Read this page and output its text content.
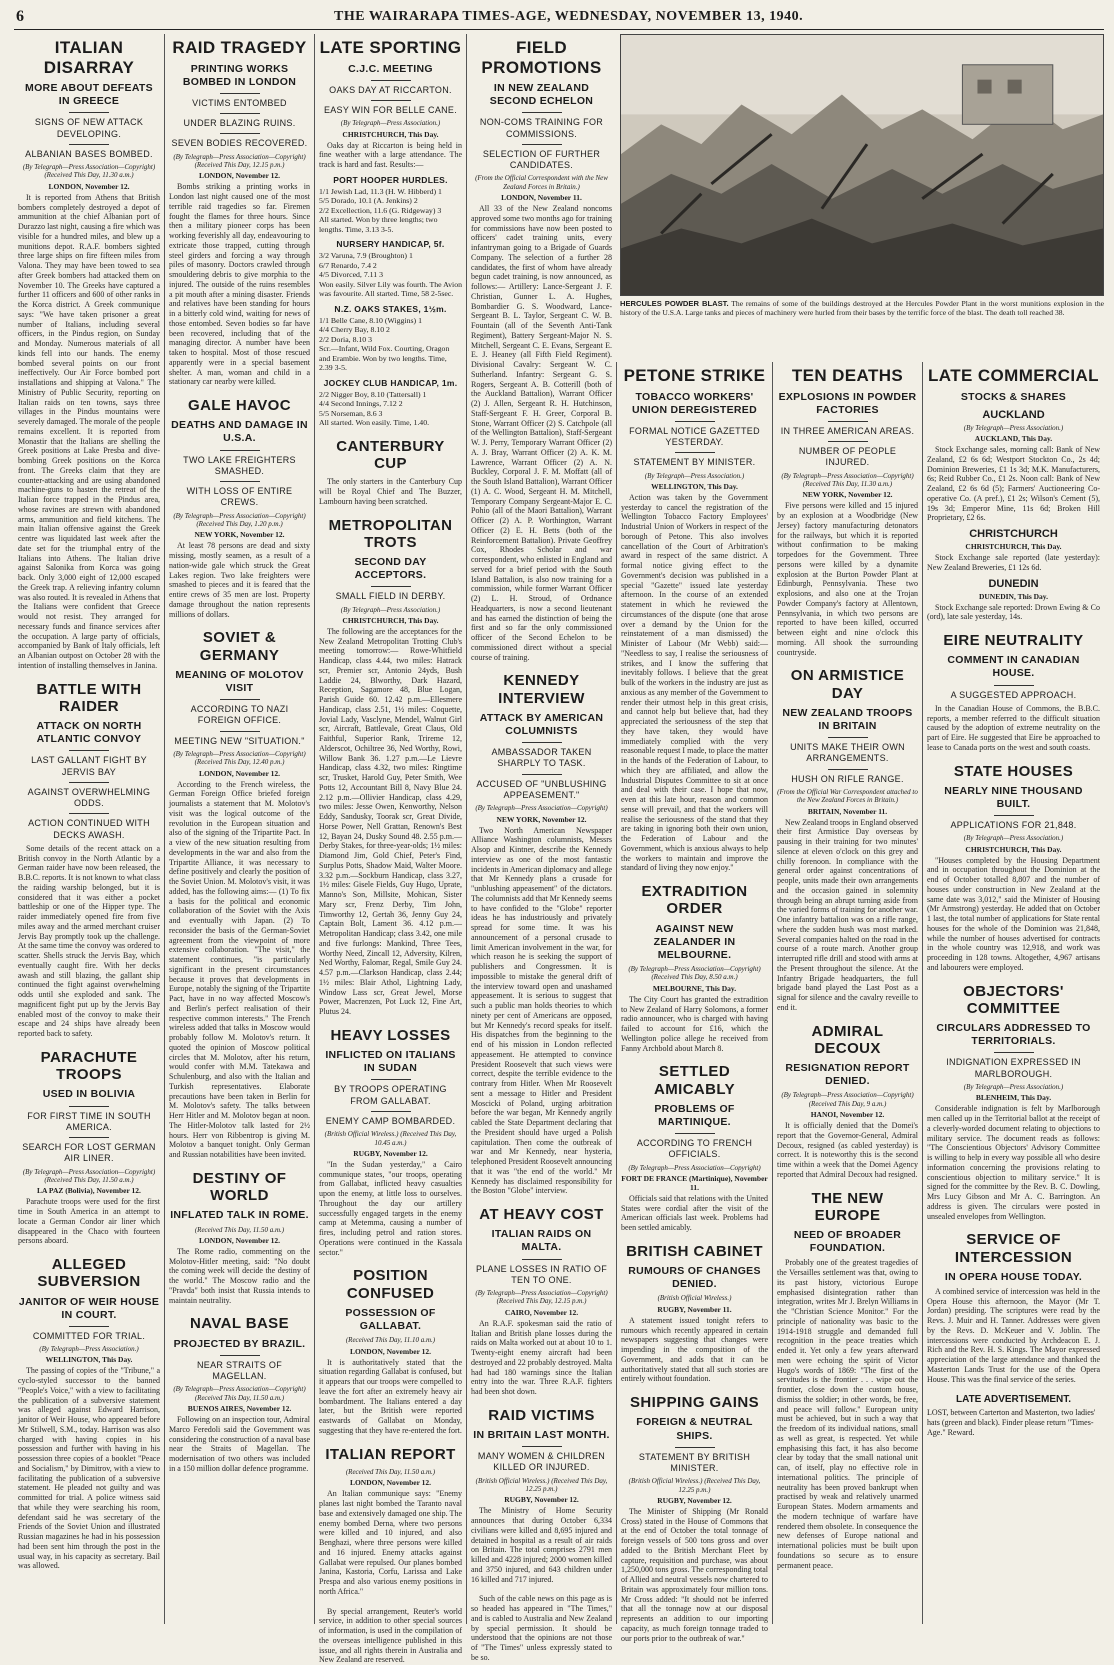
6	THE WAIRARAPA TIMES-AGE, WEDNESDAY, NOVEMBER 13, 1940.
ITALIAN DISARRAY
MORE ABOUT DEFEATS IN GREECE
SIGNS OF NEW ATTACK DEVELOPING.
ALBANIAN BASES BOMBED.
(By Telegraph—Press Association—Copyright) (Received This Day, 11.30 a.m.)
LONDON, November 12.

It is reported from Athens that British bombers completely destroyed a depot of ammunition at the chief Albanian port of Durazzo last night, causing a fire which was visible for a hundred miles, and blew up a munitions depot. R.A.F. bombers sighted three large ships on fire fifteen miles from Valona. They may have been towed to sea after Greek bombers had attacked them on November 10. The Greeks have captured a further 11 officers and 600 of other ranks in the Korca district. A Greek communique says: "We have taken prisoner a great number of Italians, including several officers, in the Pindus region, on Sunday and Monday. Numerous materials of all kinds fell into our hands. The enemy bombed several points on our front ineffectively. Our Air Force bombed port installations and shipping at Valona." The Ministry of Public Security, reporting on Italian raids on ten towns, says three villages in the Pindus mountains were severely damaged. The morale of the people remains excellent. It is reported from Monastir that the Italians are shelling the Greek positions at Lake Presba and dive-bombing Greek positions on the Korca front. The Greeks claim that they are counter-attacking and are using abandoned machine-guns to hasten the retreat of the Italian force trapped in the Pindus area, whose ravines are strewn with abandoned arms, ammunition and field kitchens. The main Italian offensive against the Greek centre was liquidated last week after the date set for the triumphal entry of the Italians into Athens. The Italian drive against Salonika from Korca was going back. Only 3,000 eight of 12,000 escaped the Greek trap. A relieving infantry column was also routed. It is revealed in Athens that the Italians were confident that Greece would not resist. They arranged for necessary funds and finance services after the occupation. A large party of officials, accompanied by Bank of Italy officials, left an Albanian outpost on October 28 with the intention of installing themselves in Janina.

BATTLE WITH RAIDER
ATTACK ON NORTH ATLANTIC CONVOY
LAST GALLANT FIGHT BY JERVIS BAY
AGAINST OVERWHELMING ODDS.
ACTION CONTINUED WITH DECKS AWASH.

Some details of the recent attack on a British convoy in the North Atlantic by a German raider have now been released, the B.B.C. reports. It is not known to what class the raiding warship belonged, but it is considered that it was either a pocket battleship or one of the Hipper type. The raider immediately opened fire from five miles away and the armed merchant cruiser Jervis Bay promptly took up the challenge. At the same time the convoy was ordered to scatter. Shells struck the Jervis Bay, which eventually caught fire. With her decks awash and still blazing, the gallant ship continued the fight against overwhelming odds until she exploded and sank. The magnificent fight put up by the Jervis Bay enabled most of the convoy to make their escape and 24 ships have already been reported back to safety.

PARACHUTE TROOPS
USED IN BOLIVIA
FOR FIRST TIME IN SOUTH AMERICA.
SEARCH FOR LOST GERMAN AIR LINER.
(By Telegraph—Press Association—Copyright) (Received This Day, 11.50 a.m.)
LA PAZ (Bolivia), November 12.

Parachute troops were used for the first time in South America in an attempt to locate a German Condor air liner which disappeared in the Chaco with fourteen persons aboard.

ALLEGED SUBVERSION
JANITOR OF WEIR HOUSE IN COURT.
COMMITTED FOR TRIAL.
(By Telegraph—Press Association.)
WELLINGTON, This Day.

The passing of copies of the "Tribune," a cyclo-styled successor to the banned "People's Voice," with a view to facilitating the publication of a subversive statement was alleged against Edward Harrison, janitor of Weir House, who appeared before Mr Stilwell, S.M., today. Harrison was also charged with having copies in his possession and further with having in his possession three copies of a booklet "Peace and Socialism," by Dimitrov, with a view to facilitating the publication of a subversive statement. He pleaded not guilty and was committed for trial. A police witness said that while they were searching his room, defendant said he was secretary of the Friends of the Soviet Union and illustrated Russian magazines he had in his possession had been sent him through the post in the usual way, in his capacity as secretary. Bail was allowed.

RAID TRAGEDY
PRINTING WORKS BOMBED IN LONDON
VICTIMS ENTOMBED
UNDER BLAZING RUINS.
SEVEN BODIES RECOVERED.
(By Telegraph—Press Association—Copyright) (Received This Day, 12.15 p.m.)
LONDON, November 12.

Bombs striking a printing works in London last night caused one of the most terrible raid tragedies so far. Firemen fought the flames for three hours. Since then a military pioneer corps has been working feverishly all day, endeavouring to extricate those trapped, cutting through steel girders and forcing a way through piles of masonry. Doctors crawled through smouldering debris to give morphia to the injured. The outside of the ruins resembles a pit mouth after a mining disaster. Friends and relatives have been standing for hours in a bitterly cold wind, waiting for news of those entombed. Seven bodies so far have been recovered, including that of the managing director. A number have been taken to hospital. Most of those rescued apparently were in a special basement shelter. A man, woman and child in a stationary car nearby were killed.

GALE HAVOC
DEATHS AND DAMAGE IN U.S.A.
TWO LAKE FREIGHTERS SMASHED.
WITH LOSS OF ENTIRE CREWS.
(By Telegraph—Press Association—Copyright) (Received This Day, 1.20 p.m.)
NEW YORK, November 12.

At least 78 persons are dead and sixty missing, mostly seamen, as a result of a nation-wide gale which struck the Great Lakes region. Two lake freighters were smashed to pieces and it is feared that the entire crews of 35 men are lost. Property damage throughout the nation represents millions of dollars.

SOVIET & GERMANY
MEANING OF MOLOTOV VISIT
ACCORDING TO NAZI FOREIGN OFFICE.
MEETING NEW "SITUATION."
(By Telegraph—Press Association—Copyright) (Received This Day, 12.40 p.m.)
LONDON, November 12.

According to the French wireless, the German Foreign Office briefed foreign journalists a statement that M. Molotov's visit was the logical outcome of the revolution in the European situation and also of the signing of the Tripartite Pact. In a view of the new situation resulting from developments in the war and also from the Tripartite Alliance, it was necessary to define positively and clearly the position of the Soviet Union. M. Molotov's visit, it was added, has the following aims:— (1) To fix a basis for the political and economic collaboration of the Soviet with the Axis and eventually with Japan. (2) To reconsider the basis of the German-Soviet agreement from the viewpoint of more extensive collaboration. "The visit," the statement continues, "is particularly significant in the present circumstances because it proves that developments in Europe, notably the signing of the Tripartite Pact, have in no way affected Moscow's and Berlin's perfect realisation of their respective common interests." The French wireless added that talks in Moscow would probably follow M. Molotov's return. It quoted the opinion of Moscow political circles that M. Molotov, after his return, would confer with M.M. Tatekawa and Schulenburg, and also with the Italian and Turkish representatives. Elaborate precautions have been taken in Berlin for M. Molotov's safety. The talks between Herr Hitler and M. Molotov began at noon. The Hitler-Molotov talk lasted for 2½ hours. Herr von Ribbentrop is giving M. Molotov a banquet tonight. Only German and Russian notabilities have been invited.

DESTINY OF WORLD
INFLATED TALK IN ROME.
(Received This Day, 11.50 a.m.)
LONDON, November 12.

The Rome radio, commenting on the Molotov-Hitler meeting, said: "No doubt the coming week will decide the destiny of the world." The Moscow radio and the "Pravda" both insist that Russia intends to maintain neutrality.

NAVAL BASE
PROJECTED BY BRAZIL.
NEAR STRAITS OF MAGELLAN.
(By Telegraph—Press Association—Copyright) (Received This Day, 11.50 a.m.)
BUENOS AIRES, November 12.

Following on an inspection tour, Admiral Marco Feredoli said the Government was considering the construction of a naval base near the Straits of Magellan. The modernisation of two others was included in a 150 million dollar defence programme.

LATE SPORTING
C.J.C. MEETING
OAKS DAY AT RICCARTON.
EASY WIN FOR BELLE CANE.
(By Telegraph—Press Association.)
CHRISTCHURCH, This Day.

Oaks day at Riccarton is being held in fine weather with a large attendance. The track is hard and fast. Results:—

PORT HOOPER HURDLES.
1/1 Jewish Lad, 11.3 (H. W. Hibberd) 1
5/5 Dorado, 10.1 (A. Jenkins) 2
2/2 Excellection, 11.6 (G. Ridgeway) 3
All started. Won by three lengths; two lengths. Time, 3.13 3-5.
NURSERY HANDICAP, 5f.
3/2 Varuna, 7.9 (Broughton) 1
6/7 Renardo, 7.4 2
4/5 Divorced, 7.11 3
Won easily. Silver Lily was fourth. The Avion was favourite. All started. Time, 58 2-5sec.
N.Z. OAKS STAKES, 1½m.
1/1 Belle Cane, 8.10 (Wiggins) 1
4/4 Cherry Bay, 8.10 2
2/2 Doria, 8.10 3
Scr.—Infant, Wild Fox. Courting, Oragon and Erambie. Won by two lengths. Time, 2.39 3-5.
JOCKEY CLUB HANDICAP, 1m.
2/2 Nigger Boy, 8.10 (Tattersall) 1
4/4 Second Innings, 7.12 2
5/5 Norseman, 8.6 3
All started. Won easily. Time, 1.40.
CANTERBURY CUP

The only starters in the Canterbury Cup will be Royal Chief and The Buzzer, Lambourn having been scratched.

METROPOLITAN TROTS
SECOND DAY ACCEPTORS.
SMALL FIELD IN DERBY.
(By Telegraph—Press Association.)
CHRISTCHURCH, This Day.

The following are the acceptances for the New Zealand Metropolitan Trotting Club's meeting tomorrow:— Rowe-Whitfield Handicap, class 4.44, two miles: Hatrack scr, Premier scr, Antonio 24yds, Bush Laddie 24, Blworthy, Dark Hazard, Reception, Sagamore 48, Blue Logan, Parish Guide 60. 12.42 p.m.—Ellesmere Handicap, class 2.51, 1½ miles: Coquette, Jovial Lady, Vasclyne, Mendel, Walnut Girl scr, Aircraft, Battlevale, Great Claus, Old Faithful, Superior Rank, Trireme 12, Alderscot, Ochiltree 36, Ned Worthy, Rowi, Willow Bank 36. 1.27 p.m.—Le Lievre Handicap, class 4.32, two miles: Ringtime scr, Trusket, Harold Guy, Peter Smith, Wee Potts 12, Accountant Bill 8, Navy Blue 24. 2.12 p.m.—Ollivier Handicap, class 4.29, two miles: Jesse Owen, Kenworthy, Nelson Eddy, Sandusky, Toorak scr, Great Divide, Horse Power, Nell Grattan, Renown's Best 12, Bayan 24, Dusky Sound 48. 2.55 p.m.—Derby Stakes, for three-year-olds; 1½ miles: Diamond Jim, Gold Chief, Peter's Find, Surplus Potts, Shadow Maid, Walter Moore. 3.32 p.m.—Sockburn Handicap, class 3.27, 1½ miles: Gisele Fields, Guy Hugo, Uprate, Manno's Son, Millsite, Mohican, Sister Mary scr, Frenz Derby, Tim John, Timworthy 12, Gertah 36, Jenny Guy 24, Captain Bolt, Lament 36. 4.12 p.m.—Metropolitan Handicap; class 3.42, one mile and five furlongs: Mankind, Three Tees, Worthy Need, Zincall 12, Adversity, Kilren, Ned Worthy, Falomar, Regal, Smile Guy 24. 4.57 p.m.—Clarkson Handicap, class 2.44; 1½ miles: Blair Athol, Lightning Lady, Window Lass scr, Great Jewel, Morse Power, Macrenzen, Pot Luck 12, Fine Art, Plutus 24.

HEAVY LOSSES
INFLICTED ON ITALIANS IN SUDAN
BY TROOPS OPERATING FROM GALLABAT.
ENEMY CAMP BOMBARDED.
(British Official Wireless.) (Received This Day, 10.45 a.m.)
RUGBY, November 12.

"In the Sudan yesterday," a Cairo communique states, "our troops, operating from Gallabat, inflicted heavy casualties upon the enemy, at little loss to ourselves. Throughout the day our artillery successfully engaged targets in the enemy camp at Metemma, causing a number of fires, including petrol and ration stores. Operations were continued in the Kassala sector."

POSITION CONFUSED
POSSESSION OF GALLABAT.
(Received This Day, 11.10 a.m.)
LONDON, November 12.

It is authoritatively stated that the situation regarding Gallabat is confused, but it appears that our troops were compelled to leave the fort after an extremely heavy air bombardment. The Italians entered a day later, but the British were reported eastwards of Gallabat on Monday, suggesting that they have re-entered the fort.

ITALIAN REPORT
(Received This Day, 11.50 a.m.)
LONDON, November 12.

An Italian communique says: "Enemy planes last night bombed the Taranto naval base and extensively damaged one ship. The enemy bombed Derna, where two persons were killed and 10 injured, and also Benghazi, where three persons were killed and 16 injured. Enemy attacks against Gallabat were repulsed. Our planes bombed Janina, Kastoria, Corfu, Larissa and Lake Prespa and also various enemy positions in north Africa."

By special arrangement, Reuter's world service, in addition to other special sources of information, is used in the compilation of the overseas intelligence published in this issue, and all rights therein in Australia and New Zealand are reserved.

FIELD PROMOTIONS
IN NEW ZEALAND SECOND ECHELON
NON-COMS TRAINING FOR COMMISSIONS.
SELECTION OF FURTHER CANDIDATES.
(From the Official Correspondent with the New Zealand Forces in Britain.)
LONDON, November 11.

All 33 of the New Zealand noncoms approved some two months ago for training for commissions have now been posted to officers' cadet training units, every infantryman going to a Brigade of Guards Company. The selection of a further 28 candidates, the first of whom have already begun cadet training, is now announced, as follows:— Artillery: Lance-Sergeant J. F. Christian, Gunner L. A. Hughes, Bombardier G. S. Woodward, Lance-Sergeant B. L. Taylor, Sergeant C. W. B. Fountain (all of the Seventh Anti-Tank Regiment), Battery Sergeant-Major N. S. Mitchell, Sergeant C. E. Evans, Sergeant E. E. J. Heaney (all Fifth Field Regiment). Divisional Cavalry: Sergeant W. C. Sutherland. Infantry: Sergeant G. S. Rogers, Sergeant A. B. Cotterill (both of the Auckland Battalion), Warrant Officer (2) J. Allen, Sergeant R. H. Hutchinson, Staff-Sergeant F. H. Greer, Corporal B. Stone, Warrant Officer (2) S. Catchpole (all of the Wellington Battalion), Staff-Sergeant W. J. Perry, Temporary Warrant Officer (2) A. J. Bray, Warrant Officer (2) A. K. M. Lawrence, Warrant Officer (2) A. N. Buckley, Corporal J. F. M. Moffatt (all of the South Island Battalion), Warrant Officer (1) A. C. Wood, Sergeant H. M. Mitchell, Temporary Company Sergeant-Major E. C. Pohio (all of the Maori Battalion), Warrant Officer (2) A. P. Worthington, Warrant Officer (2) E. H. Betts (both of the Reinforcement Battalion). Private Geoffrey Cox, Rhodes Scholar and war correspondent, who enlisted in England and served for a brief period with the South Island Battalion, is also now training for a commission, while former Warrant Officer (2) L. H. Stroud, of Ordnance Headquarters, is now a second lieutenant and has earned the distinction of being the first and so far the only commissioned officer of the Second Echelon to be commissioned direct without a special course of training.

KENNEDY INTERVIEW
ATTACK BY AMERICAN COLUMNISTS
AMBASSADOR TAKEN SHARPLY TO TASK.
ACCUSED OF "UNBLUSHING APPEASEMENT."
(By Telegraph—Press Association—Copyright)
NEW YORK, November 12.

Two North American Newspaper Alliance Washington columnists, Messrs Alsop and Kintner, describe the Kennedy interview as one of the most fantastic incidents in American diplomacy and allege that Mr Kennedy plans a crusade for "unblushing appeasement" of the dictators. The columnists add that Mr Kennedy seems to have confided to the "Globe" reporter ideas he has industriously and privately spread for some time. It was his announcement of a personal crusade to limit American involvement in the war, for which reason he is seeking the support of publishers and Congressmen. It is impossible to mistake the general drift of the interview toward open and unashamed appeasement. It is serious to suggest that such a public man holds theories to which ninety per cent of Americans are opposed, but Mr Kennedy's record speaks for itself. His dispatches from the beginning to the end of his mission in London reflected appeasement. He attempted to convince President Roosevelt that such views were correct, despite the terrible evidence to the contrary from Hitler. When Mr Roosevelt sent a message to Hitler and President Moscicki of Poland, urging arbitration before the war began, Mr Kennedy angrily cabled the State Department declaring that the President should have urged a Polish capitulation. Then come the outbreak of war and Mr Kennedy, near hysteria, telephoned President Roosevelt announcing that it was "the end of the world." Mr Kennedy has disclaimed responsibility for the Boston "Globe" interview.

AT HEAVY COST
ITALIAN RAIDS ON MALTA.
PLANE LOSSES IN RATIO OF TEN TO ONE.
(By Telegraph—Press Association—Copyright) (Received This Day, 12.15 p.m.)
CAIRO, November 12.

An R.A.F. spokesman said the ratio of Italian and British plane losses during the raids on Malta worked out at about 10 to 1. Twenty-eight enemy aircraft had been destroyed and 22 probably destroyed. Malta had had 180 warnings since the Italian entry into the war. Three R.A.F. fighters had been shot down.

RAID VICTIMS
IN BRITAIN LAST MONTH.
MANY WOMEN & CHILDREN KILLED OR INJURED.
(British Official Wireless.) (Received This Day, 12.25 p.m.)
RUGBY, November 12.

The Ministry of Home Security announces that during October 6,334 civilians were killed and 8,695 injured and detained in hospital as a result of air raids on Britain. The total comprises 2791 men killed and 4228 injured; 2000 women killed and 3750 injured, and 643 children under 16 killed and 717 injured.

Such of the cable news on this page as is so headed has appeared in "The Times," and is cabled to Australia and New Zealand by special permission. It should be understood that the opinions are not those of "The Times" unless expressly stated to be so.

PETONE STRIKE
TOBACCO WORKERS' UNION DEREGISTERED
FORMAL NOTICE GAZETTED YESTERDAY.
STATEMENT BY MINISTER.
(By Telegraph—Press Association.)
WELLINGTON, This Day.

Action was taken by the Government yesterday to cancel the registration of the Wellington Tobacco Factory Employees' Industrial Union of Workers in respect of the borough of Petone. This also involves cancellation of the Court of Arbitration's award in respect of the same district. A formal notice giving effect to the Government's decision was published in a special "Gazette" issued late yesterday afternoon. In the course of an extended statement in which he reviewed the circumstances of the dispute (one that arose over a demand by the Union for the reinstatement of a man dismissed) the Minister of Labour (Mr Webb) said:— "Needless to say, I realise the seriousness of strikes, and I know the suffering that inevitably follows. I believe that the great bulk of the workers in the industry are just as anxious as any member of the Government to render their utmost help in this great crisis, and cannot help but believe that, had they appreciated the seriousness of the step that they have taken, they would have immediately complied with the very reasonable request I made, to place the matter in the hands of the Federation of Labour, to which they are affiliated, and allow the Industrial Disputes Committee to sit at once and deal with their case. I hope that now, even at this late hour, reason and common sense will prevail, and that the workers will realise the seriousness of the stand that they are taking in ignoring both their own union, the Federation of Labour and the Government, which is anxious always to help the workers to maintain and improve the standard of living they now enjoy."

EXTRADITION ORDER
AGAINST NEW ZEALANDER IN MELBOURNE.
(By Telegraph—Press Association—Copyright) (Received This Day, 8.50 a.m.)
MELBOURNE, This Day.

The City Court has granted the extradition to New Zealand of Harry Solomons, a former radio announcer, who is charged with having failed to account for £16, which the Wellington police allege he received from Fanny Archbold about March 8.

SETTLED AMICABLY
PROBLEMS OF MARTINIQUE.
ACCORDING TO FRENCH OFFICIALS.
(By Telegraph—Press Association—Copyright)
FORT DE FRANCE (Martinique), November 11.

Officials said that relations with the United States were cordial after the visit of the American officials last week. Problems had been settled amicably.

BRITISH CABINET
RUMOURS OF CHANGES DENIED.
(British Official Wireless.)
RUGBY, November 11.

A statement issued tonight refers to rumours which recently appeared in certain newspapers suggesting that changes were impending in the composition of the Government, and adds that it can be authoritatively stated that all such stories are entirely without foundation.

SHIPPING GAINS
FOREIGN & NEUTRAL SHIPS.
STATEMENT BY BRITISH MINISTER.
(British Official Wireless.) (Received This Day, 12.25 p.m.)
RUGBY, November 12.

The Minister of Shipping (Mr Ronald Cross) stated in the House of Commons that at the end of October the total tonnage of foreign vessels of 500 tons gross and over added to the British Merchant Fleet by capture, requisition and purchase, was about 1,250,000 tons gross. The corresponding total of Allied and neutral vessels now chartered to Britain was approximately four million tons. Mr Cross added: "It should not be inferred that all the tonnage now at our disposal represents an addition to our importing capacity, as much foreign tonnage traded to our ports prior to the outbreak of war."

TEN DEATHS
EXPLOSIONS IN POWDER FACTORIES
IN THREE AMERICAN AREAS.
NUMBER OF PEOPLE INJURED.
(By Telegraph—Press Association—Copyright) (Received This Day, 11.30 a.m.)
NEW YORK, November 12.

Five persons were killed and 15 injured by an explosion at a Woodbridge (New Jersey) factory manufacturing detonators for the railways, but which it is reported without confirmation to be making torpedoes for the Government. Three persons were killed by a dynamite explosion at the Burton Powder Plant at Edinburgh, Pennsylvania. These two explosions, and also one at the Trojan Powder Company's factory at Allentown, Pennsylvania, in which two persons are reported to have been killed, occurred between eight and nine o'clock this morning. All shook the surrounding countryside.

ON ARMISTICE DAY
NEW ZEALAND TROOPS IN BRITAIN
UNITS MAKE THEIR OWN ARRANGEMENTS.
HUSH ON RIFLE RANGE.
(From the Official War Correspondent attached to the New Zealand Forces in Britain.)
BRITAIN, November 11.

New Zealand troops in England observed their first Armistice Day overseas by pausing in their training for two minutes' silence at eleven o'clock on this grey and chilly forenoon. In compliance with the general order against concentrations of people, units made their own arrangements and the occasion gained in solemnity through being an abrupt turning aside from the varied forms of training for another war. One infantry battalion was on a rifle range, where the sudden hush was most marked. Several companies halted on the road in the course of a route march. Another group interrupted rifle drill and stood with arms at the Present throughout the silence. At the Infantry Brigade headquarters, the full brigade band played the Last Post as a signal for silence and the cavalry reveille to end it.

ADMIRAL DECOUX
RESIGNATION REPORT DENIED.
(By Telegraph—Press Association—Copyright) (Received This Day, 9 a.m.)
HANOI, November 12.

It is officially denied that the Domei's report that the Governor-General, Admiral Decoux, resigned (as cabled yesterday) is correct. It is noteworthy this is the second time within a week that the Domei Agency reported that Admiral Decoux had resigned.

THE NEW EUROPE
NEED OF BROADER FOUNDATION.

Probably one of the greatest tragedies of the Versailles settlement was that, owing to its past history, victorious Europe emphasised disintegration rather than integration, writes Mr J. Brelyn Williams in the "Christian Science Monitor." For the principle of nationality was basic to the 1914-1918 struggle and demanded full recognition in the peace treaties which ended it. Yet only a few years afterward men were echoing the spirit of Victor Hugo's words of 1869: "The first of the servitudes is the frontier . . . wipe out the frontier, close down the custom house, dismiss the soldier; in other words, be free, and peace will follow." European unity must be achieved, but in such a way that the freedom of its individual nations, small as well as great, is respected. Yet while emphasising this fact, it has also become clear by today that the small national unit can, of itself, play no effective role in international politics. The principle of neutrality has been proved bankrupt when practised by weak and relatively unarmed European States. Modern armaments and the modern technique of warfare have rendered them obsolete. In consequence the new defenses of Europe national and international policies must be built upon foundations so secure as to ensure permanent peace.

LATE COMMERCIAL
STOCKS & SHARES
AUCKLAND
(By Telegraph—Press Association.)
AUCKLAND, This Day.

Stock Exchange sales, morning call: Bank of New Zealand, £2 6s 6d; Westport Stockton Co., 2s 4d; Dominion Breweries, £1 1s 3d; M.K. Manufacturers, 6s; Reid Rubber Co., £1 2s. Noon call: Bank of New Zealand, £2 6s 6d (5); Farmers' Auctioneering Co-operative Co. (A pref.), £1 2s; Wilson's Cement (5), 19s 3d; Emperor Mine, 11s 6d; Broken Hill Proprietary, £2 6s.

CHRISTCHURCH
CHRISTCHURCH, This Day.

Stock Exchange sale reported (late yesterday): New Zealand Breweries, £1 12s 6d.

DUNEDIN
DUNEDIN, This Day.

Stock Exchange sale reported: Drown Ewing & Co (ord), late sale yesterday, 14s.

EIRE NEUTRALITY
COMMENT IN CANADIAN HOUSE.
A SUGGESTED APPROACH.

In the Canadian House of Commons, the B.B.C. reports, a member referred to the difficult situation caused by the adoption of extreme neutrality on the part of Eire. He suggested that Eire be approached to lease to Canada ports on the west and south coasts.

STATE HOUSES
NEARLY NINE THOUSAND BUILT.
APPLICATIONS FOR 21,848.
(By Telegraph—Press Association.)
CHRISTCHURCH, This Day.

"Houses completed by the Housing Department and in occupation throughout the Dominion at the end of October totalled 8,807 and the number of houses under construction in New Zealand at the same date was 3,012," said the Minister of Housing (Mr Armstrong) yesterday. He added that on October 1 last, the total number of applications for State rental houses for the whole of the Dominion was 21,848, while the number of houses advertised for contracts in the whole country was 12,918, and work was proceeding in 128 towns. Altogether, 4,967 artisans and labourers were employed.

OBJECTORS' COMMITTEE
CIRCULARS ADDRESSED TO TERRITORIALS.
INDIGNATION EXPRESSED IN MARLBOROUGH.
(By Telegraph—Press Association.)
BLENHEIM, This Day.

Considerable indignation is felt by Marlborough men called up in the Territorial ballot at the receipt of a cleverly-worded document relating to objections to military service. The document reads as follows: "The Conscientious Objectors' Advisory Committee is willing to help in every way possible all who desire information concerning the provisions relating to conscientious objection to military service." It is signed for the committee by the Rev. B. C. Dowling, Mrs Lucy Gibson and Mr A. C. Barrington. An address is given. The circulars were posted in unsealed envelopes from Wellington.

SERVICE OF INTERCESSION
IN OPERA HOUSE TODAY.

A combined service of intercession was held in the Opera House this afternoon, the Mayor (Mr T. Jordan) presiding. The scriptures were read by the Revs. J. Muir and H. Tanner. Addresses were given by the Revs. D. McKeuer and V. Joblin. The intercessions were conducted by Archdeacon E. J. Rich and the Rev. H. S. Kings. The Mayor expressed appreciation of the large attendance and thanked the Masterton Lands Trust for the use of the Opera House. This was the final service of the series.

LATE ADVERTISEMENT.

LOST, between Carterton and Masterton, two ladies' hats (green and black). Finder please return "Times-Age." Reward.

HERCULES POWDER BLAST. The remains of some of the buildings destroyed at the Hercules Powder Plant in the worst munitions explosion in the history of the U.S.A. Large tanks and pieces of machinery were hurled from their bases by the terrific force of the blast. The death toll reached 38.
